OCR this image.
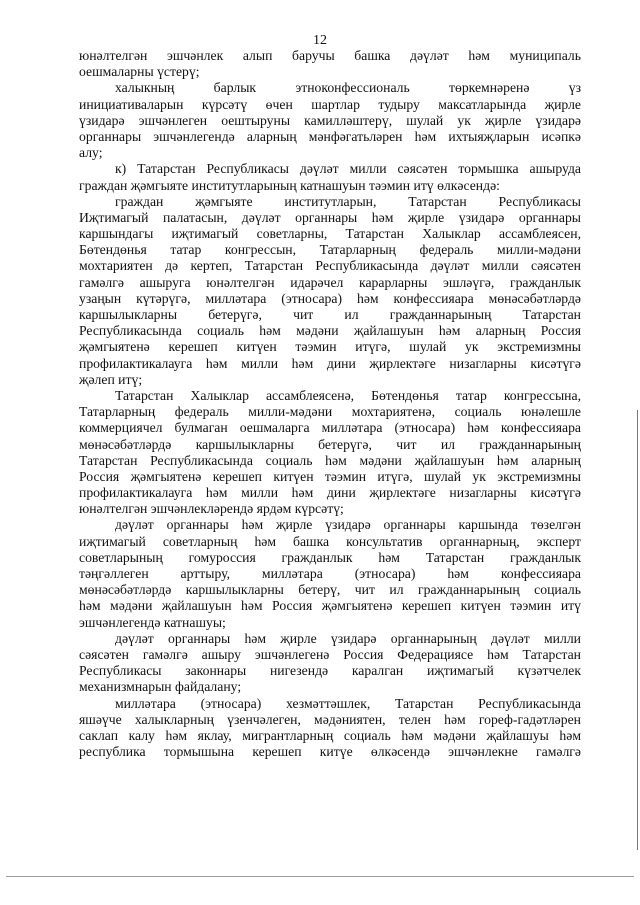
12

юнәлтелгән эшчәнлек алып баручы башка дәүләт һәм муниципаль
оешмаларны үстерү;

халыкның барлык этноконфессиональ төркемнәренә үз
инициативаларын күрсәтү өчен шартлар тудыру максатларында җирле
үзидарә эшчәнлеген оештыруны камилләштерү, шулай ук җирле үзидарә
органнары эшчәнлегендә аларның мәнфәгатьләрен һәм ихтыяҗларын исәпкә
алу;

к) Татарстан Республикасы дәүләт милли сәясәтен тормышка ашыруда
граждан җәмгыяте институтларының катнашуын тәэмин итү өлкәсендә:

граждан җәмгыяте институтларын, Татарстан Республикасы
Иҗтимагый палатасын, дәүләт органнары һәм җирле үзидарә органнары
каршындагы иҗтимагый советларны, Татарстан Халыклар ассамблеясен,
Бөтендөнья татар конгрессын, Татарларның федераль милли-мәдәни
мохтариятен дә кертеп, Татарстан Республикасында дәүләт милли сәясәтен
гамәлгә ашыруга юнәлтелгән идарәчел карарларны эшләүгә, гражданлык
узаңын күтәрүгә, милләтара (этносара) һәм конфессияара мөнәсәбәтләрдә
каршылыкларны бетерүгә, чит ил гражданнарының Татарстан
Республикасында социаль һәм мәдәни җайлашуын һәм аларның Россия
җәмгыятенә керешеп китүен тәэмин итүгә, шулай ук экстремизмны
профилактикалауга һәм милли һәм дини җирлектәге низагларны кисәтүгә
җәлеп итү;

Татарстан Халыклар ассамблеясенә, Бөтендөнья татар конгрессына,
Татарларның федераль милли-мәдәни мохтариятенә, социаль юнәлешле
коммерциячел булмаган оешмаларга милләтара (этносара) һәм конфессияара
мөнәсәбәтләрдә каршылыкларны бетерүгә, чит ил гражданнарының
Татарстан Республикасында социаль һәм мәдәни җайлашуын һәм аларның
Россия җәмгыятенә керешеп китүен тәэмин итүгә, шулай ук экстремизмны
профилактикалауга һәм милли һәм дини җирлектәге низагларны кисәтүгә
юнәлтелгән эшчәнлекләрендә ярдәм күрсәтү;

дәүләт органнары һәм җирле үзидарә органнары каршында төзелгән
иҗтимагый советларның һәм башка консультатив органнарның, эксперт
советларының гомуроссия гражданлык һәм Татарстан гражданлык
тәңгәллеген арттыру, милләтара (этносара) һәм конфессияара
мөнәсәбәтләрдә каршылыкларны бетерү, чит ил гражданнарының социаль
һәм мәдәни җайлашуын һәм Россия җәмгыятенә керешеп китүен тәэмин итү
эшчәнлегендә катнашуы;

дәүләт органнары һәм җирле үзидарә органнарының дәүләт милли
сәясәтен гамәлгә ашыру эшчәнлегенә Россия Федерациясе һәм Татарстан
Республикасы законнары нигезендә каралган иҗтимагый күзәтчелек
механизмнарын файдалану;

милләтара (этносара) хезмәттәшлек, Татарстан Республикасында
яшәүче халыкларның үзенчәлеген, мәдәниятен, телен һәм гореф-гадәтләрен
саклап калу һәм яклау, мигрантларның социаль һәм мәдәни җайлашуы һәм
республика тормышына керешеп китүе өлкәсендә эшчәнлекне гамәлгә
